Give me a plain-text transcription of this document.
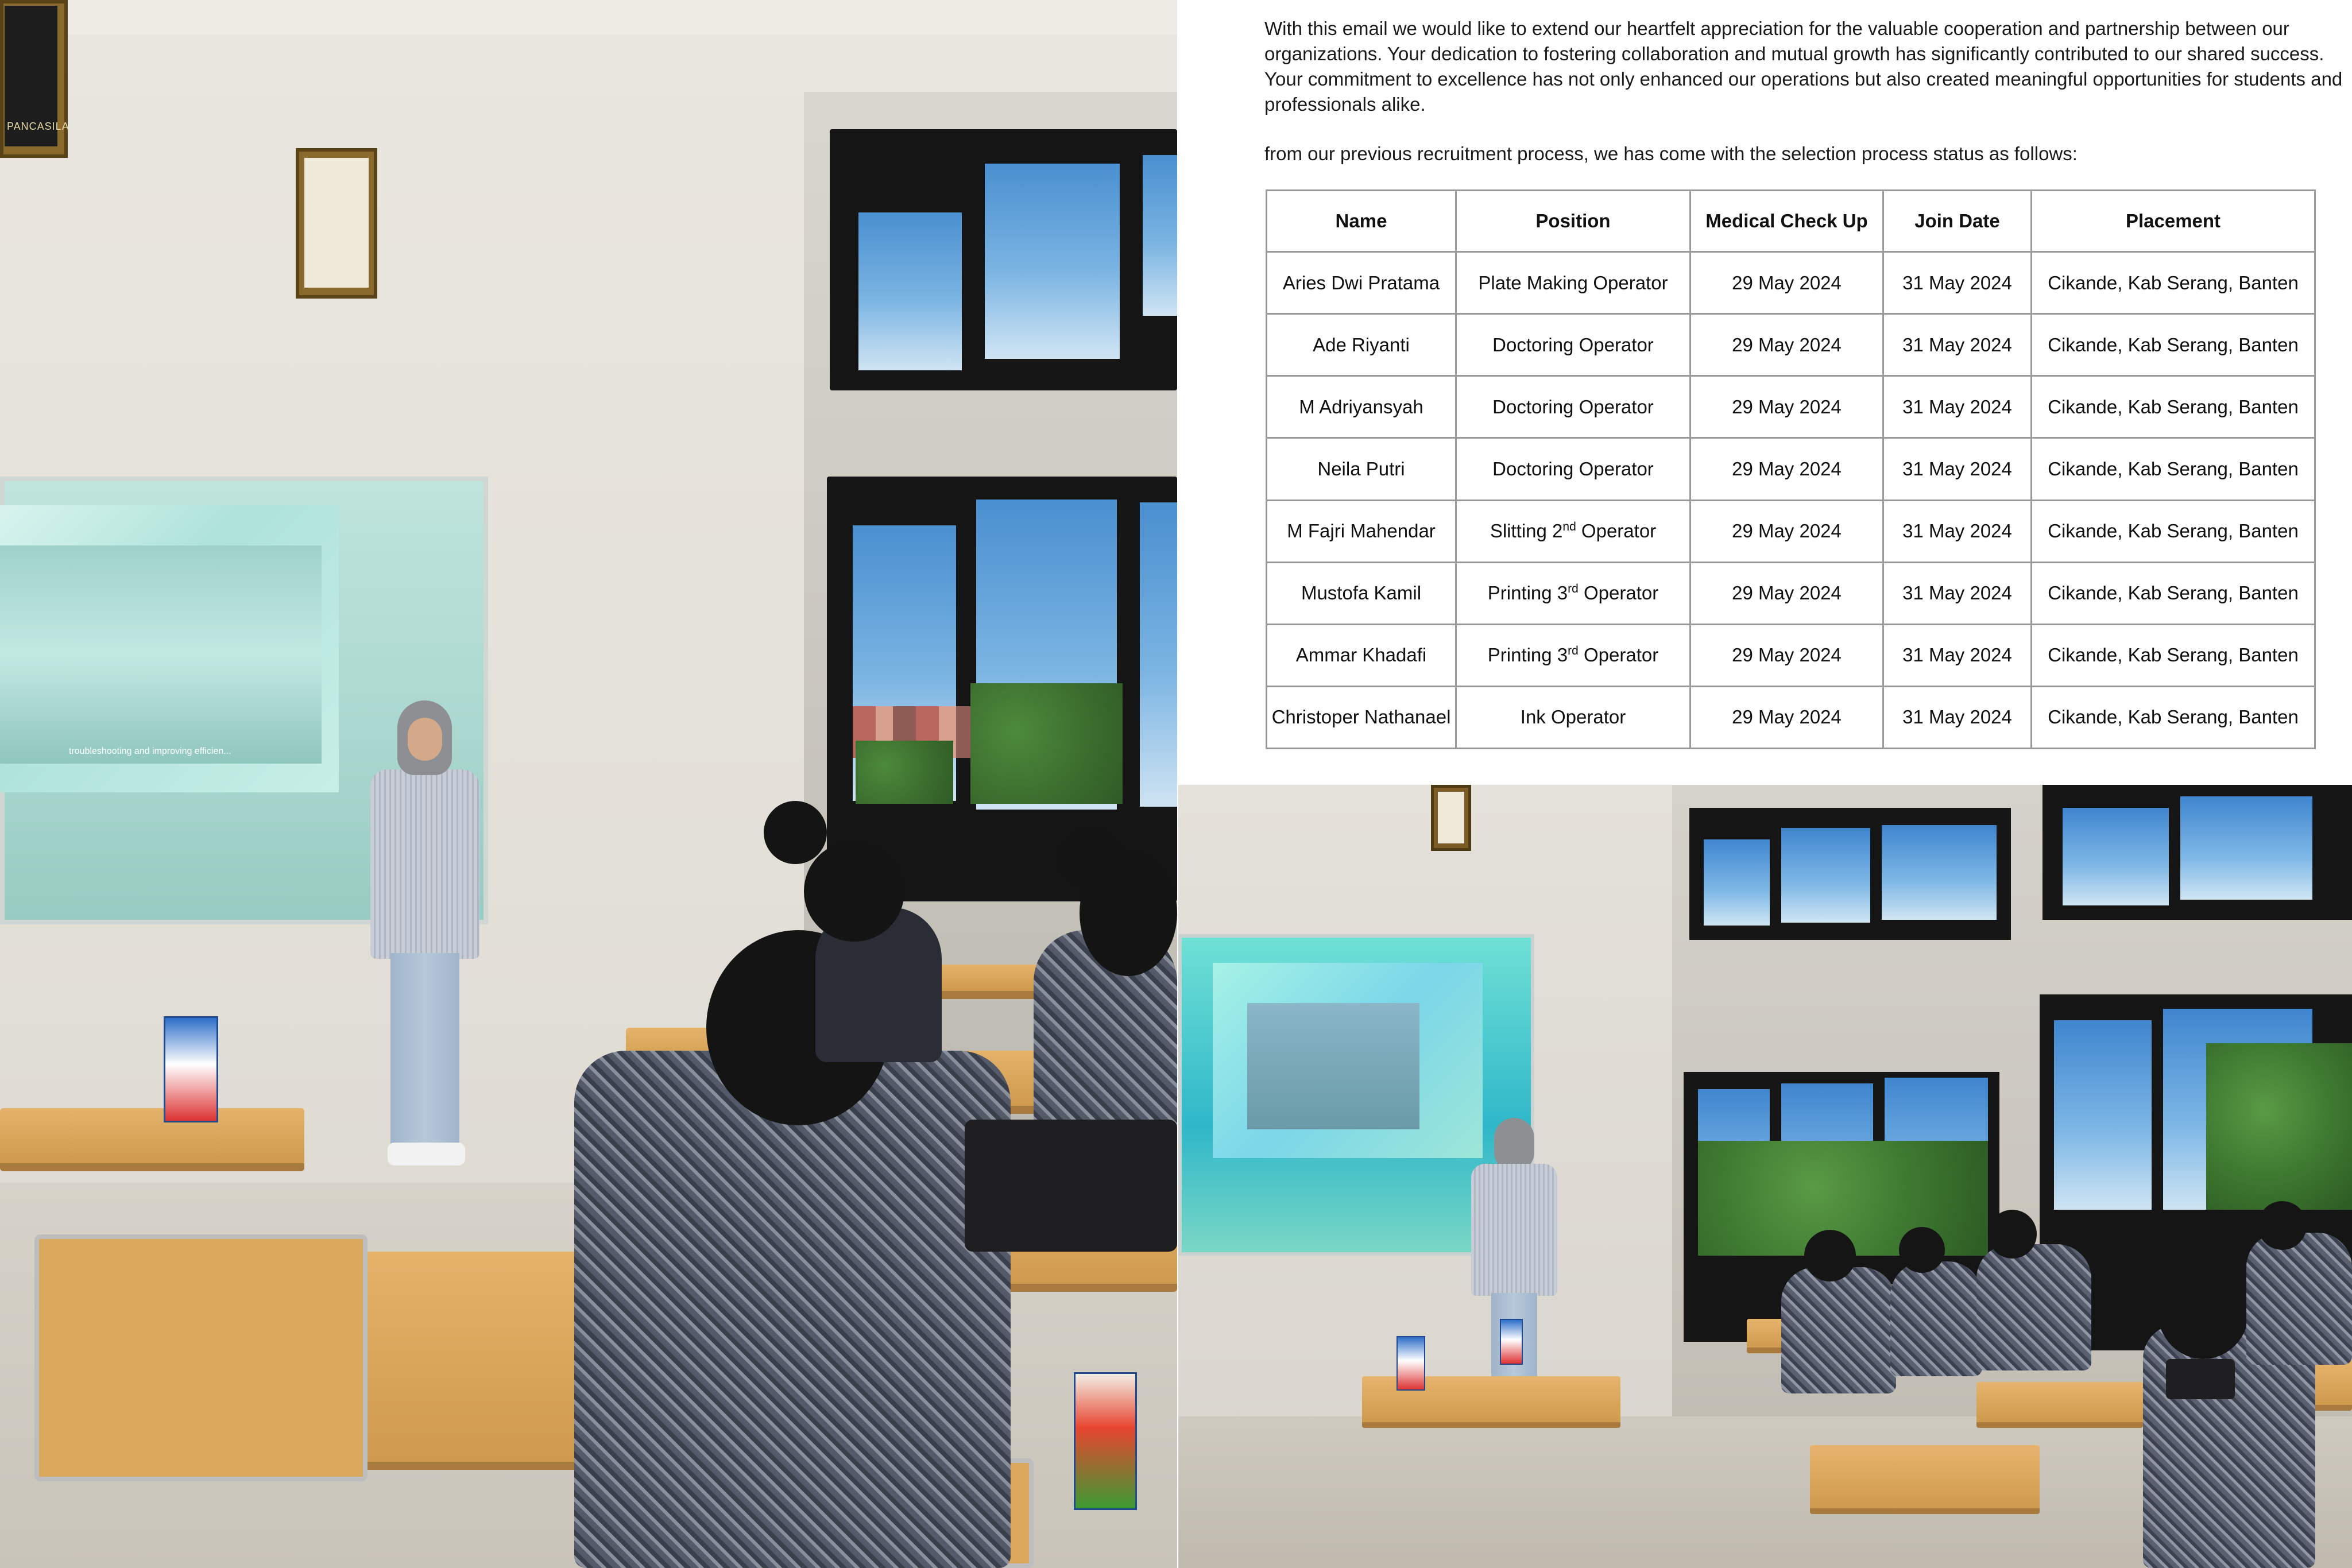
PANCASILA
troubleshooting and improving efficien...
With this email we would like to extend our heartfelt appreciation for the valuable cooperation and partnership between our organizations. Your dedication to fostering collaboration and mutual growth has significantly contributed to our shared success. Your commitment to excellence has not only enhanced our operations but also created meaningful opportunities for students and professionals alike.
from our previous recruitment process, we has come with the selection process status as follows:
Name	Position	Medical Check Up	Join Date	Placement
Aries Dwi Pratama	Plate Making Operator	29 May 2024	31 May 2024	Cikande, Kab Serang, Banten
Ade Riyanti	Doctoring Operator	29 May 2024	31 May 2024	Cikande, Kab Serang, Banten
M Adriyansyah	Doctoring Operator	29 May 2024	31 May 2024	Cikande, Kab Serang, Banten
Neila Putri	Doctoring Operator	29 May 2024	31 May 2024	Cikande, Kab Serang, Banten
M Fajri Mahendar	Slitting 2nd Operator	29 May 2024	31 May 2024	Cikande, Kab Serang, Banten
Mustofa Kamil	Printing 3rd Operator	29 May 2024	31 May 2024	Cikande, Kab Serang, Banten
Ammar Khadafi	Printing 3rd Operator	29 May 2024	31 May 2024	Cikande, Kab Serang, Banten
Christoper Nathanael	Ink Operator	29 May 2024	31 May 2024	Cikande, Kab Serang, Banten
